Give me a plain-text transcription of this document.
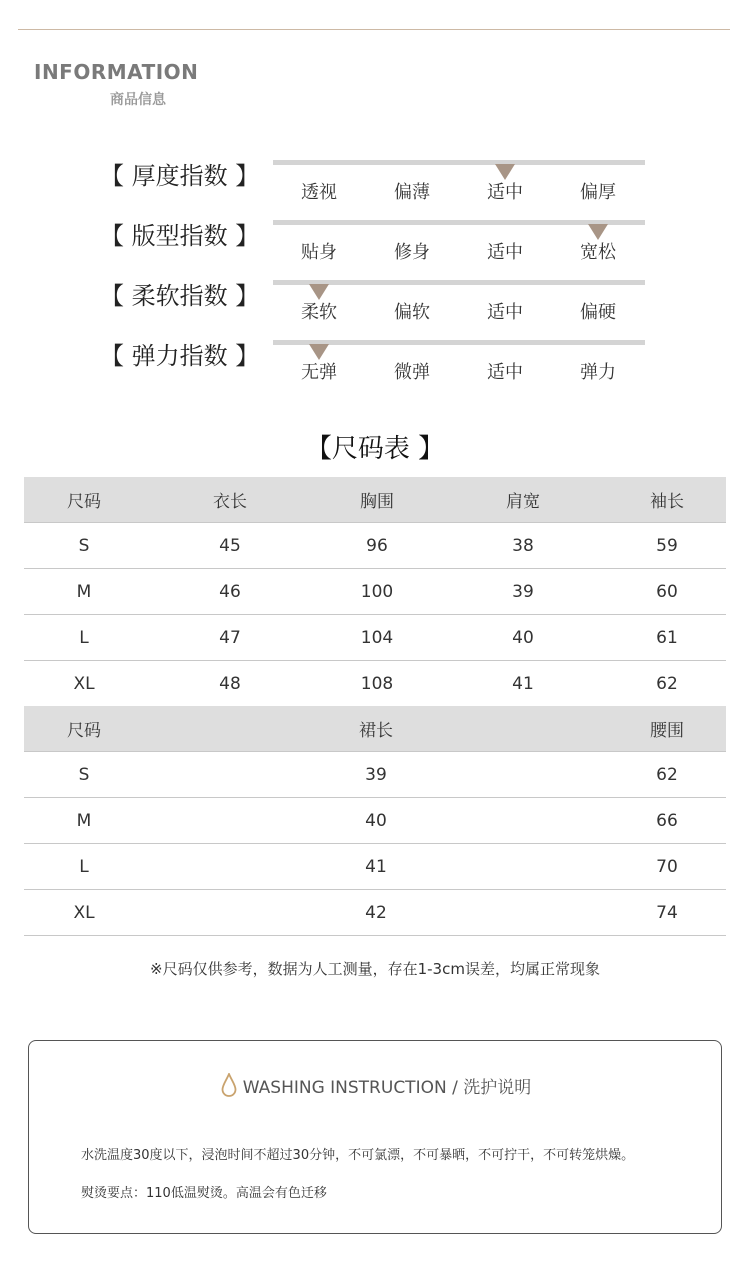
INFORMATION
商品信息
【 厚度指数 】
透视	偏薄	适中	偏厚
【 版型指数 】
贴身	修身	适中	宽松
【 柔软指数 】
柔软	偏软	适中	偏硬
【 弹力指数 】
无弹	微弹	适中	弹力
【尺码表 】
尺码	衣长	胸围	肩宽	袖长
S	45	96	38	59
M	46	100	39	60
L	47	104	40	61
XL	48	108	41	62
尺码	裙长	腰围
S	39	62
M	40	66
L	41	70
XL	42	74
※尺码仅供参考，数据为人工测量，存在1-3cm误差，均属正常现象
WASHING INSTRUCTION / 洗护说明
水洗温度30度以下，浸泡时间不超过30分钟，不可氯漂，不可暴晒，不可拧干，不可转笼烘燥。
熨烫要点：110低温熨烫。高温会有色迁移
